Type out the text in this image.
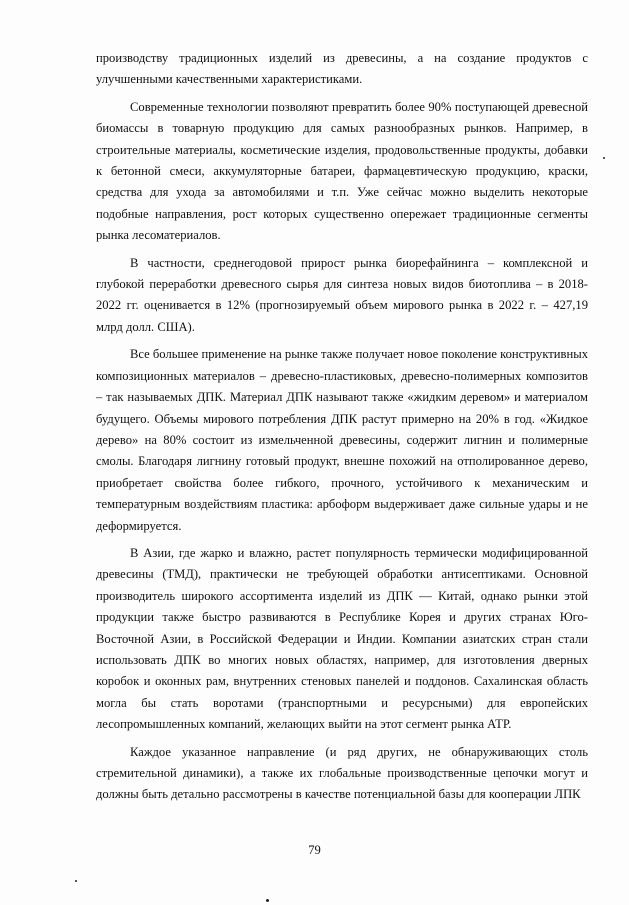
производству традиционных изделий из древесины, а на создание продуктов с улучшенными качественными характеристиками.

Современные технологии позволяют превратить более 90% поступающей древесной биомассы в товарную продукцию для самых разнообразных рынков. Например, в строительные материалы, косметические изделия, продовольственные продукты, добавки к бетонной смеси, аккумуляторные батареи, фармацевтическую продукцию, краски, средства для ухода за автомобилями и т.п. Уже сейчас можно выделить некоторые подобные направления, рост которых существенно опережает традиционные сегменты рынка лесоматериалов.

В частности, среднегодовой прирост рынка биорефайнинга – комплексной и глубокой переработки древесного сырья для синтеза новых видов биотоплива – в 2018-2022 гг. оценивается в 12% (прогнозируемый объем мирового рынка в 2022 г. – 427,19 млрд долл. США).

Все большее применение на рынке также получает новое поколение конструктивных композиционных материалов – древесно-пластиковых, древесно-полимерных композитов – так называемых ДПК. Материал ДПК называют также «жидким деревом» и материалом будущего. Объемы мирового потребления ДПК растут примерно на 20% в год. «Жидкое дерево» на 80% состоит из измельченной древесины, содержит лигнин и полимерные смолы. Благодаря лигнину готовый продукт, внешне похожий на отполированное дерево, приобретает свойства более гибкого, прочного, устойчивого к механическим и температурным воздействиям пластика: арбоформ выдерживает даже сильные удары и не деформируется.

В Азии, где жарко и влажно, растет популярность термически модифицированной древесины (ТМД), практически не требующей обработки антисептиками. Основной производитель широкого ассортимента изделий из ДПК — Китай, однако рынки этой продукции также быстро развиваются в Республике Корея и других странах Юго-Восточной Азии, в Российской Федерации и Индии. Компании азиатских стран стали использовать ДПК во многих новых областях, например, для изготовления дверных коробок и оконных рам, внутренних стеновых панелей и поддонов. Сахалинская область могла бы стать воротами (транспортными и ресурсными) для европейских лесопромышленных компаний, желающих выйти на этот сегмент рынка АТР.

Каждое указанное направление (и ряд других, не обнаруживающих столь стремительной динамики), а также их глобальные производственные цепочки могут и должны быть детально рассмотрены в качестве потенциальной базы для кооперации ЛПК

79
